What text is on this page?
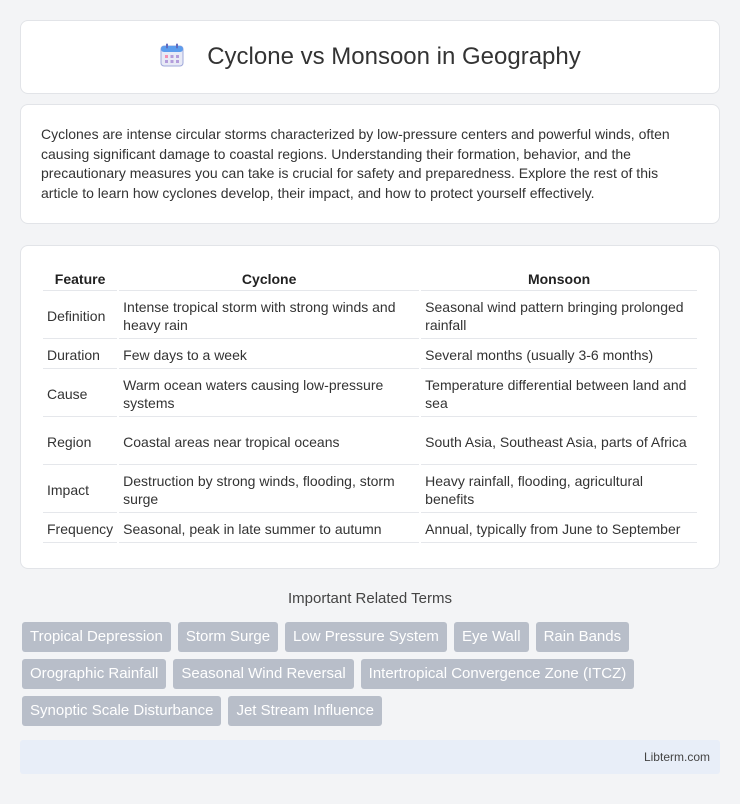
Cyclone vs Monsoon in Geography

Cyclones are intense circular storms characterized by low-pressure centers and powerful winds, often causing significant damage to coastal regions. Understanding their formation, behavior, and the precautionary measures you can take is crucial for safety and preparedness. Explore the rest of this article to learn how cyclones develop, their impact, and how to protect yourself effectively.

Feature	Cyclone	Monsoon
Definition	Intense tropical storm with strong winds and heavy rain	Seasonal wind pattern bringing prolonged rainfall
Duration	Few days to a week	Several months (usually 3-6 months)
Cause	Warm ocean waters causing low-pressure systems	Temperature differential between land and sea
Region	Coastal areas near tropical oceans	South Asia, Southeast Asia, parts of Africa
Impact	Destruction by strong winds, flooding, storm surge	Heavy rainfall, flooding, agricultural benefits
Frequency	Seasonal, peak in late summer to autumn	Annual, typically from June to September
Important Related Terms
Tropical Depression	Storm Surge	Low Pressure System	Eye Wall	Rain Bands
Orographic Rainfall	Seasonal Wind Reversal	Intertropical Convergence Zone (ITCZ)
Synoptic Scale Disturbance	Jet Stream Influence
Libterm.com
